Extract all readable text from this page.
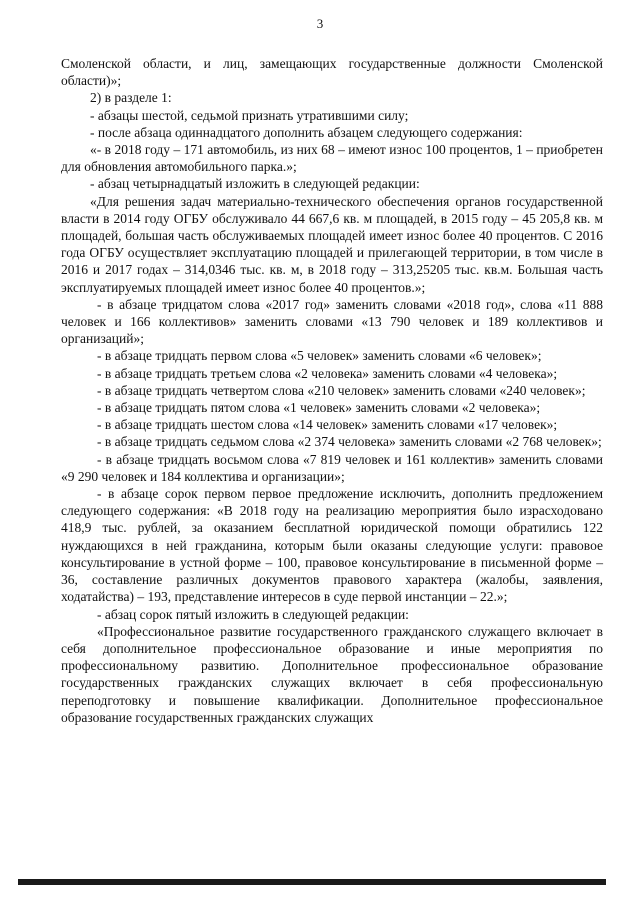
3

Смоленской области, и лиц, замещающих государственные должности Смоленской области)»;

2) в разделе 1:

- абзацы шестой, седьмой признать утратившими силу;

- после абзаца одиннадцатого дополнить абзацем следующего содержания:

«- в 2018 году – 171 автомобиль, из них 68 – имеют износ 100 процентов, 1 – приобретен для обновления автомобильного парка.»;

- абзац четырнадцатый изложить в следующей редакции:

«Для решения задач материально-технического обеспечения органов государственной власти в 2014 году ОГБУ обслуживало 44 667,6 кв. м площадей, в 2015 году – 45 205,8 кв. м площадей, большая часть обслуживаемых площадей имеет износ более 40 процентов. С 2016 года ОГБУ осуществляет эксплуатацию площадей и прилегающей территории, в том числе в 2016 и 2017 годах – 314,0346 тыс. кв. м, в 2018 году – 313,25205 тыс. кв.м. Большая часть эксплуатируемых площадей имеет износ более 40 процентов.»;

- в абзаце тридцатом слова «2017 год» заменить словами «2018 год», слова «11 888 человек и 166 коллективов» заменить словами «13 790 человек и 189 коллективов и организаций»;

- в абзаце тридцать первом слова «5 человек» заменить словами «6 человек»;

- в абзаце тридцать третьем слова «2 человека» заменить словами «4 человека»;

- в абзаце тридцать четвертом слова «210 человек» заменить словами «240 человек»;

- в абзаце тридцать пятом слова «1 человек» заменить словами «2 человека»;

- в абзаце тридцать шестом слова «14 человек» заменить словами «17 человек»;

- в абзаце тридцать седьмом слова «2 374 человека» заменить словами «2 768 человек»;

- в абзаце тридцать восьмом слова «7 819 человек и 161 коллектив» заменить словами «9 290 человек и 184 коллектива и организации»;

- в абзаце сорок первом первое предложение исключить, дополнить предложением следующего содержания: «В 2018 году на реализацию мероприятия было израсходовано 418,9 тыс. рублей, за оказанием бесплатной юридической помощи обратились 122 нуждающихся в ней гражданина, которым были оказаны следующие услуги: правовое консультирование в устной форме – 100, правовое консультирование в письменной форме – 36, составление различных документов правового характера (жалобы, заявления, ходатайства) – 193, представление интересов в суде первой инстанции – 22.»;

- абзац сорок пятый изложить в следующей редакции:

«Профессиональное развитие государственного гражданского служащего включает в себя дополнительное профессиональное образование и иные мероприятия по профессиональному развитию. Дополнительное профессиональное образование государственных гражданских служащих включает в себя профессиональную переподготовку и повышение квалификации. Дополнительное профессиональное образование государственных гражданских служащих
